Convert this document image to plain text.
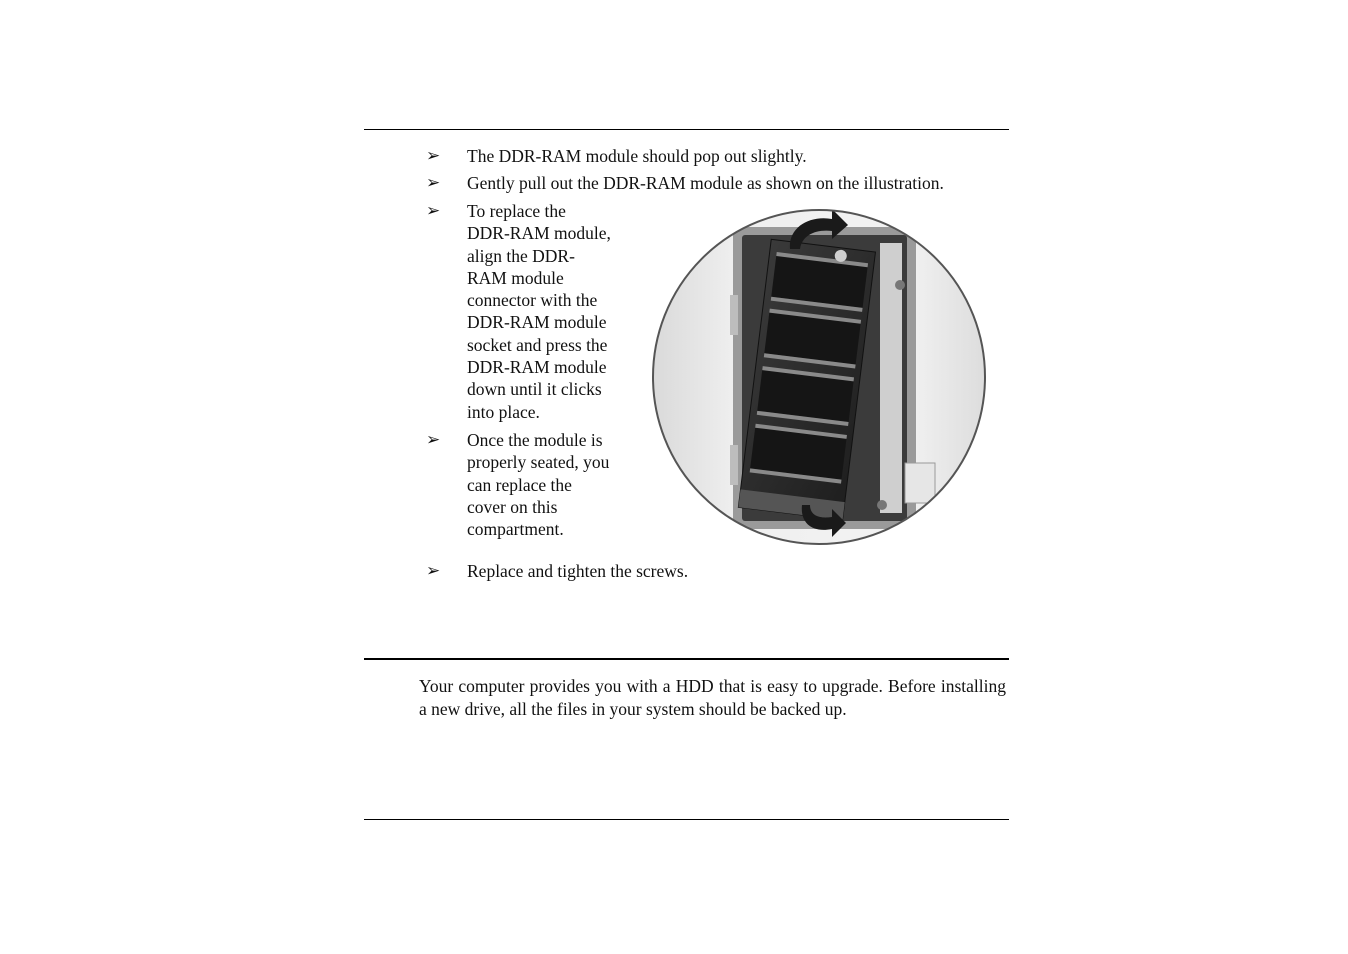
➢	The DDR-RAM module should pop out slightly.
➢	Gently pull out the DDR-RAM module as shown on the illustration.
➢	To replace the
DDR-RAM module,
align the DDR-
RAM module
connector with the
DDR-RAM module
socket and press the
DDR-RAM module
down until it clicks
into place.
➢	Once the module is
properly seated, you
can replace the
cover on this
compartment.
➢	Replace and tighten the screws.

Your computer provides you with a HDD that is easy to upgrade. Before installing a new drive, all the files in your system should be backed up.
